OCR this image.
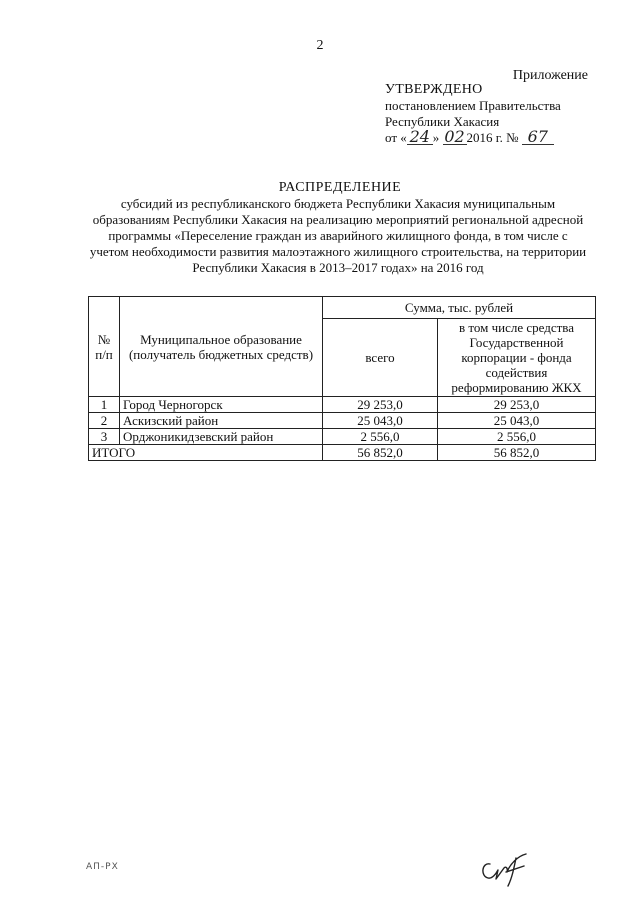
2
Приложение
УТВЕРЖДЕНО
постановлением Правительства
Республики Хакасия
от « 24 » 02 2016 г. № 67
РАСПРЕДЕЛЕНИЕ
субсидий из республиканского бюджета Республики Хакасия муниципальным образованиям Республики Хакасия на реализацию мероприятий региональной адресной программы «Переселение граждан из аварийного жилищного фонда, в том числе с учетом необходимости развития малоэтажного жилищного строительства, на территории Республики Хакасия в 2013–2017 годах» на 2016 год
№ п/п	Муниципальное образование (получатель бюджетных средств)	Сумма, тыс. рублей	
		всего	в том числе средства Государственной корпорации - фонда содействия реформированию ЖКХ
1	Город Черногорск	29 253,0	29 253,0
2	Аскизский район	25 043,0	25 043,0
3	Орджоникидзевский район	2 556,0	2 556,0
ИТОГО		56 852,0	56 852,0
АП-РХ
